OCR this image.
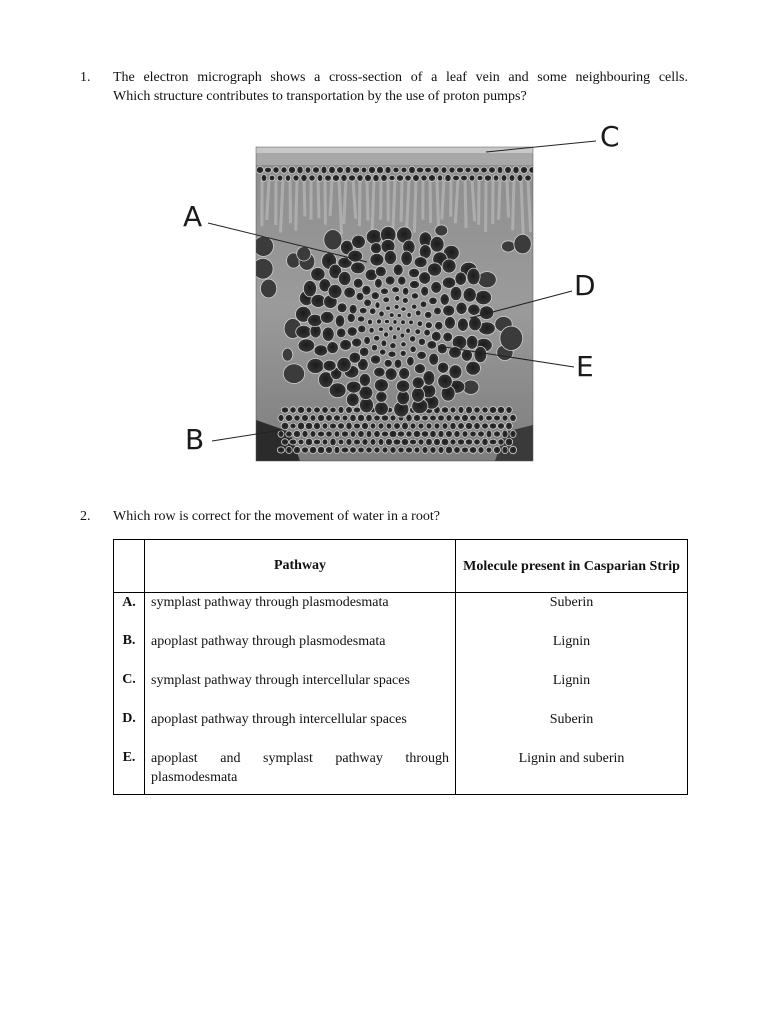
1.	The electron micrograph shows a cross-section of a leaf vein and some neighbouring cells.
Which structure contributes to transportation by the use of proton pumps?
A
B
C
D
E
2.	Which row is correct for the movement of water in a root?
	Pathway	Molecule present in Casparian Strip
A.	symplast pathway through plasmodesmata	Suberin
B.	apoplast pathway through plasmodesmata	Lignin
C.	symplast pathway through intercellular spaces	Lignin
D.	apoplast pathway through intercellular spaces	Suberin
E.	apoplast and symplast pathway through plasmodesmata	Lignin and suberin
